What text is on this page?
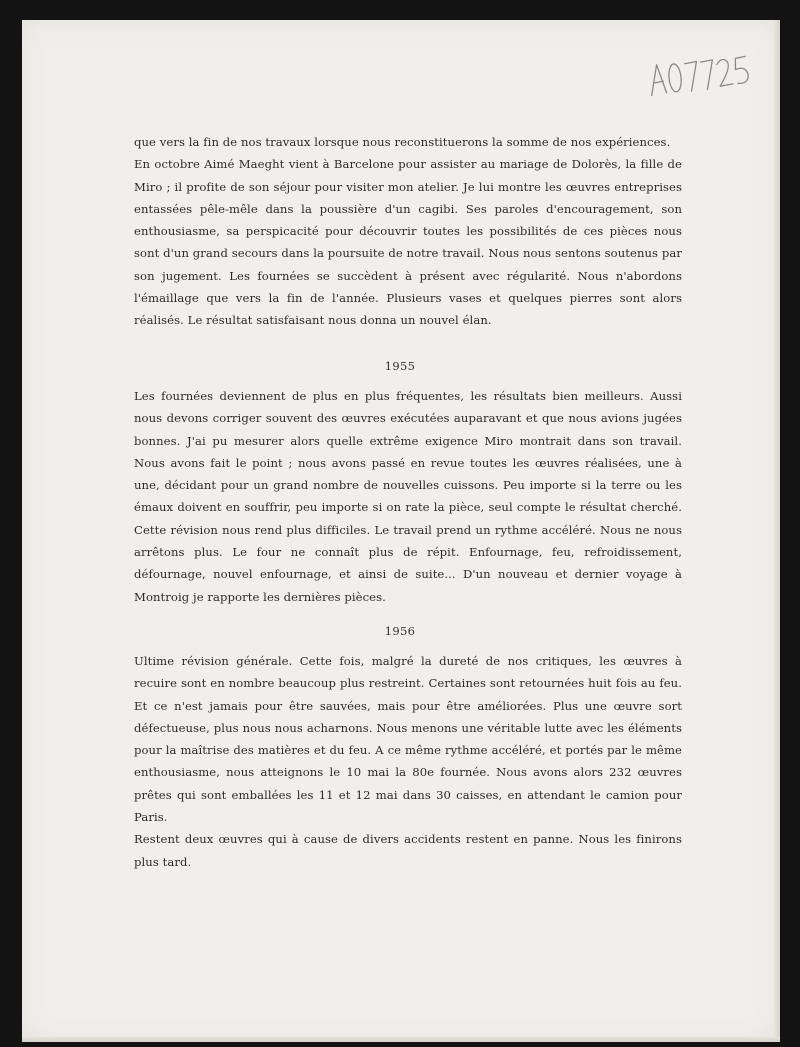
que vers la fin de nos travaux lorsque nous reconstituerons la somme de nos expériences.

En octobre Aimé Maeght vient à Barcelone pour assister au mariage de Dolorès, la fille de Miro ; il profite de son séjour pour visiter mon atelier. Je lui montre les œuvres entreprises entassées pêle-mêle dans la poussière d'un cagibi. Ses paroles d'encouragement, son enthousiasme, sa perspicacité pour découvrir toutes les possibilités de ces pièces nous sont d'un grand secours dans la poursuite de notre travail. Nous nous sentons soutenus par son jugement. Les fournées se succèdent à présent avec régularité. Nous n'abordons l'émaillage que vers la fin de l'année. Plusieurs vases et quelques pierres sont alors réalisés. Le résultat satisfaisant nous donna un nouvel élan.

1955

Les fournées deviennent de plus en plus fréquentes, les résultats bien meilleurs. Aussi nous devons corriger souvent des œuvres exécutées auparavant et que nous avions jugées bonnes. J'ai pu mesurer alors quelle extrême exigence Miro montrait dans son travail. Nous avons fait le point ; nous avons passé en revue toutes les œuvres réalisées, une à une, décidant pour un grand nombre de nouvelles cuissons. Peu importe si la terre ou les émaux doivent en souffrir, peu importe si on rate la pièce, seul compte le résultat cherché. Cette révision nous rend plus difficiles. Le travail prend un rythme accéléré. Nous ne nous arrêtons plus. Le four ne connaît plus de répit. Enfournage, feu, refroidissement, défournage, nouvel enfournage, et ainsi de suite... D'un nouveau et dernier voyage à Montroig je rapporte les dernières pièces.

1956

Ultime révision générale. Cette fois, malgré la dureté de nos critiques, les œuvres à recuire sont en nombre beaucoup plus restreint. Certaines sont retournées huit fois au feu. Et ce n'est jamais pour être sauvées, mais pour être améliorées. Plus une œuvre sort défectueuse, plus nous nous acharnons. Nous menons une véritable lutte avec les éléments pour la maîtrise des matières et du feu. A ce même rythme accéléré, et portés par le même enthousiasme, nous atteignons le 10 mai la 80e fournée. Nous avons alors 232 œuvres prêtes qui sont emballées les 11 et 12 mai dans 30 caisses, en attendant le camion pour Paris.

Restent deux œuvres qui à cause de divers accidents restent en panne. Nous les finirons plus tard.
